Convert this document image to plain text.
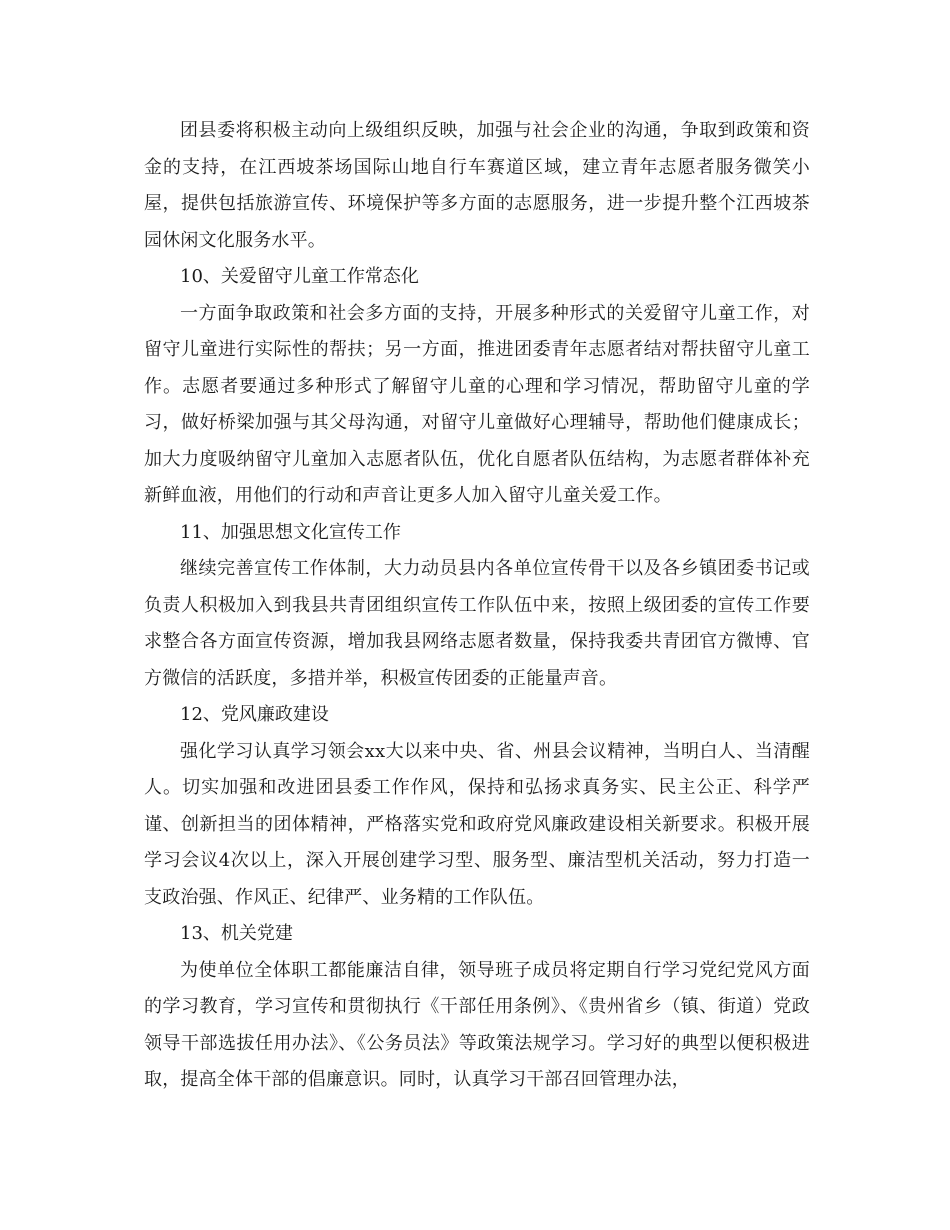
团县委将积极主动向上级组织反映，加强与社会企业的沟通，争取到政策和资金的支持，在江西坡茶场国际山地自行车赛道区域，建立青年志愿者服务微笑小屋，提供包括旅游宣传、环境保护等多方面的志愿服务，进一步提升整个江西坡茶园休闲文化服务水平。

10、关爱留守儿童工作常态化

一方面争取政策和社会多方面的支持，开展多种形式的关爱留守儿童工作，对留守儿童进行实际性的帮扶；另一方面，推进团委青年志愿者结对帮扶留守儿童工作。志愿者要通过多种形式了解留守儿童的心理和学习情况，帮助留守儿童的学习，做好桥梁加强与其父母沟通，对留守儿童做好心理辅导，帮助他们健康成长；加大力度吸纳留守儿童加入志愿者队伍，优化自愿者队伍结构，为志愿者群体补充新鲜血液，用他们的行动和声音让更多人加入留守儿童关爱工作。

11、加强思想文化宣传工作

继续完善宣传工作体制，大力动员县内各单位宣传骨干以及各乡镇团委书记或负责人积极加入到我县共青团组织宣传工作队伍中来，按照上级团委的宣传工作要求整合各方面宣传资源，增加我县网络志愿者数量，保持我委共青团官方微博、官方微信的活跃度，多措并举，积极宣传团委的正能量声音。

12、党风廉政建设

强化学习认真学习领会xx大以来中央、省、州县会议精神，当明白人、当清醒人。切实加强和改进团县委工作作风，保持和弘扬求真务实、民主公正、科学严谨、创新担当的团体精神，严格落实党和政府党风廉政建设相关新要求。积极开展学习会议4次以上，深入开展创建学习型、服务型、廉洁型机关活动，努力打造一支政治强、作风正、纪律严、业务精的工作队伍。

13、机关党建

为使单位全体职工都能廉洁自律，领导班子成员将定期自行学习党纪党风方面的学习教育，学习宣传和贯彻执行《干部任用条例》、《贵州省乡（镇、街道）党政领导干部选拔任用办法》、《公务员法》等政策法规学习。学习好的典型以便积极进取，提高全体干部的倡廉意识。同时，认真学习干部召回管理办法，
